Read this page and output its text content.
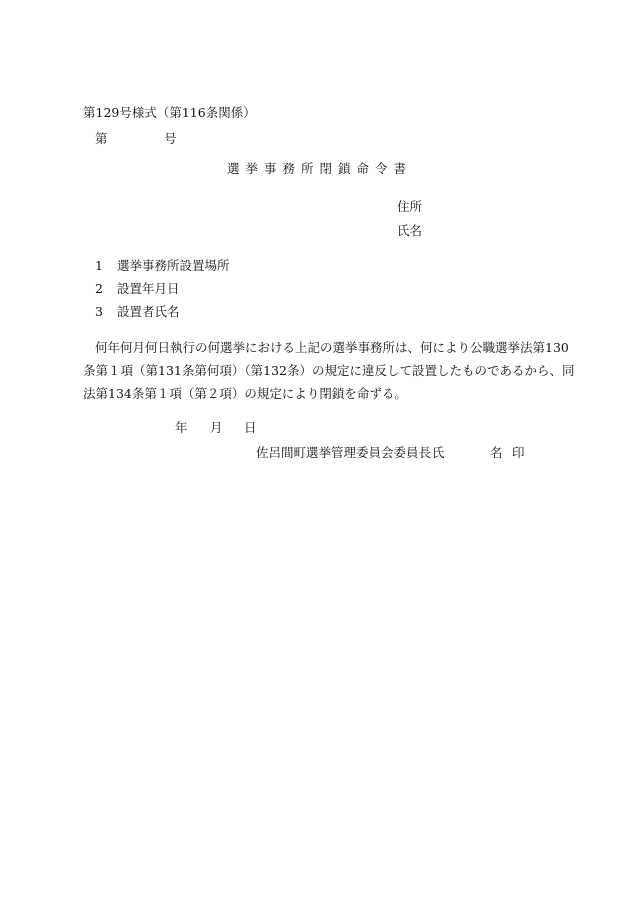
第129号様式（第116条関係）
第	号
選挙事務所閉鎖命令書
住所
氏名
1 選挙事務所設置場所
2 設置年月日
3 設置者氏名
何年何月何日執行の何選挙における上記の選挙事務所は、何により公職選挙法第130
条第１項（第131条第何項）（第132条）の規定に違反して設置したものであるから、同
法第134条第１項（第２項）の規定により閉鎖を命ずる。
年 月 日
佐呂間町選挙管理委員会委員長 氏	名 印
